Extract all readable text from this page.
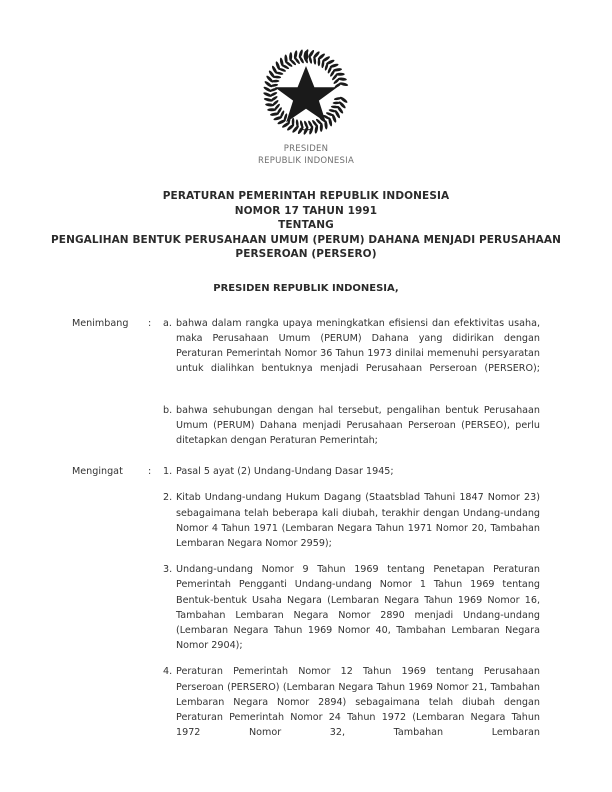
PRESIDEN
REPUBLIK INDONESIA
PERATURAN PEMERINTAH REPUBLIK INDONESIA
NOMOR 17 TAHUN 1991
TENTANG
PENGALIHAN BENTUK PERUSAHAAN UMUM (PERUM) DAHANA MENJADI PERUSAHAAN
PERSEROAN (PERSERO)
PRESIDEN REPUBLIK INDONESIA,
Menimbang	:	a. bahwa dalam rangka upaya meningkatkan efisiensi dan efektivitas usaha, maka Perusahaan Umum (PERUM) Dahana yang didirikan dengan Peraturan Pemerintah Nomor 36 Tahun 1973 dinilai memenuhi persyaratan untuk dialihkan bentuknya menjadi Perusahaan Perseroan (PERSERO);
b. bahwa sehubungan dengan hal tersebut, pengalihan bentuk Perusahaan Umum (PERUM) Dahana menjadi Perusahaan Perseroan (PERSEO), perlu ditetapkan dengan Peraturan Pemerintah;
Mengingat	:	1. Pasal 5 ayat (2) Undang-Undang Dasar 1945;
2. Kitab Undang-undang Hukum Dagang (Staatsblad Tahuni 1847 Nomor 23) sebagaimana telah beberapa kali diubah, terakhir dengan Undang-undang Nomor 4 Tahun 1971 (Lembaran Negara Tahun 1971 Nomor 20, Tambahan Lembaran Negara Nomor 2959);
3. Undang-undang Nomor 9 Tahun 1969 tentang Penetapan Peraturan Pemerintah Pengganti Undang-undang Nomor 1 Tahun 1969 tentang Bentuk-bentuk Usaha Negara (Lembaran Negara Tahun 1969 Nomor 16, Tambahan Lembaran Negara Nomor 2890 menjadi Undang-undang (Lembaran Negara Tahun 1969 Nomor 40, Tambahan Lembaran Negara Nomor 2904);
4. Peraturan Pemerintah Nomor 12 Tahun 1969 tentang Perusahaan Perseroan (PERSERO) (Lembaran Negara Tahun 1969 Nomor 21, Tambahan Lembaran Negara Nomor 2894) sebagaimana telah diubah dengan Peraturan Pemerintah Nomor 24 Tahun 1972 (Lembaran Negara Tahun 1972 Nomor 32, Tambahan Lembaran
